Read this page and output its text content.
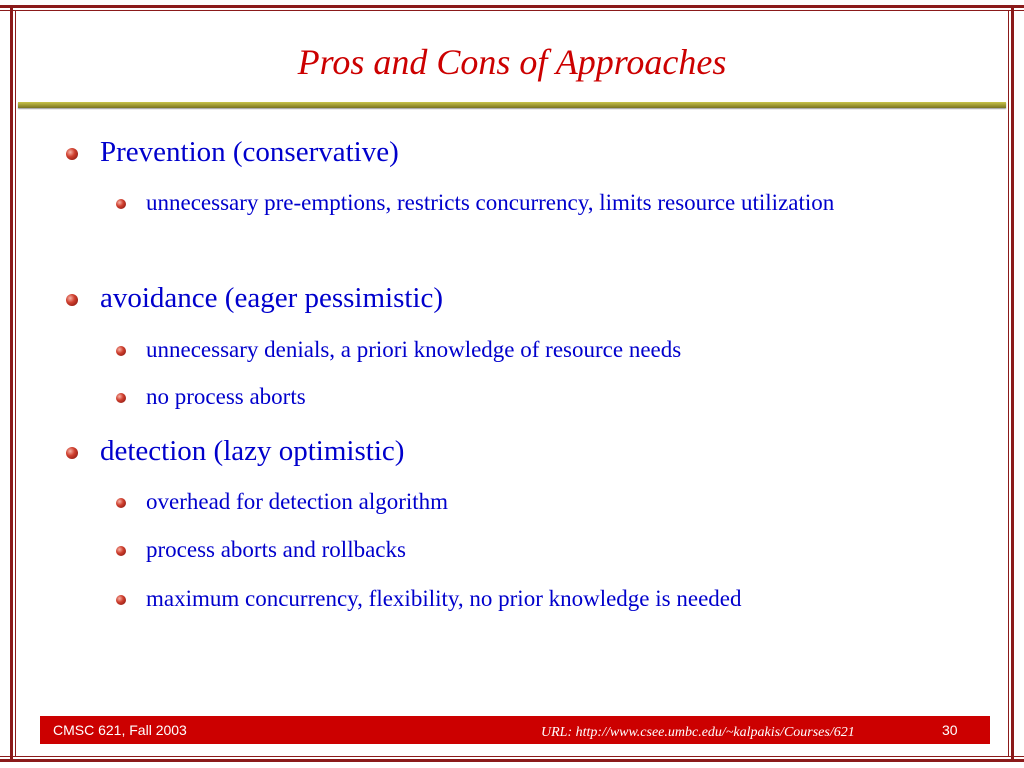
Pros and Cons of Approaches
Prevention (conservative)
unnecessary pre-emptions, restricts concurrency, limits resource utilization
avoidance (eager pessimistic)
unnecessary denials, a priori knowledge of resource needs
no process aborts
detection (lazy optimistic)
overhead for detection algorithm
process aborts and rollbacks
maximum concurrency, flexibility, no prior knowledge is needed
CMSC 621, Fall 2003	URL: http://www.csee.umbc.edu/~kalpakis/Courses/621	30
